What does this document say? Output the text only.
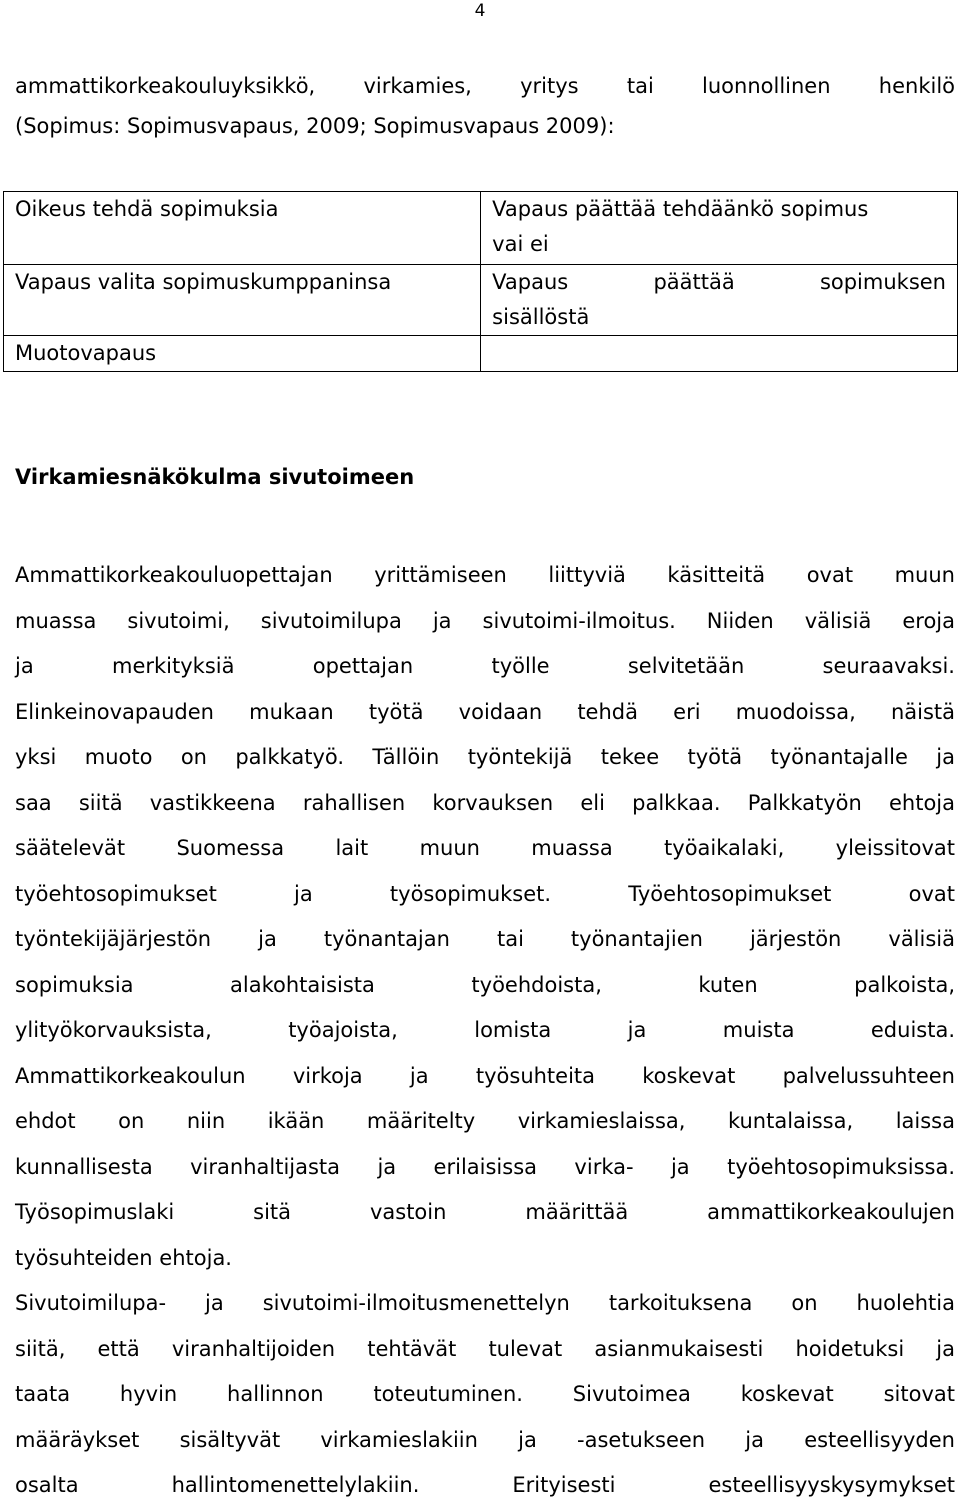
4

ammattikorkeakouluyksikkö, virkamies, yritys tai luonnollinen henkilö
(Sopimus: Sopimusvapaus, 2009; Sopimusvapaus 2009):

Oikeus tehdä sopimuksia	Vapaus päättää tehdäänkö sopimus
vai ei
Vapaus valita sopimuskumppaninsa	Vapaus päättää sopimuksen
sisällöstä
Muotovapaus	
Virkamiesnäkökulma sivutoimeen

Ammattikorkeakouluopettajan yrittämiseen liittyviä käsitteitä ovat muun
muassa sivutoimi, sivutoimilupa ja sivutoimi-ilmoitus. Niiden välisiä eroja
ja merkityksiä opettajan työlle selvitetään seuraavaksi.
Elinkeinovapauden mukaan työtä voidaan tehdä eri muodoissa, näistä
yksi muoto on palkkatyö. Tällöin työntekijä tekee työtä työnantajalle ja
saa siitä vastikkeena rahallisen korvauksen eli palkkaa. Palkkatyön ehtoja
säätelevät Suomessa lait muun muassa työaikalaki, yleissitovat
työehtosopimukset ja työsopimukset. Työehtosopimukset ovat
työntekijäjärjestön ja työnantajan tai työnantajien järjestön välisiä
sopimuksia alakohtaisista työehdoista, kuten palkoista,
ylityökorvauksista, työajoista, lomista ja muista eduista.
Ammattikorkeakoulun virkoja ja työsuhteita koskevat palvelussuhteen
ehdot on niin ikään määritelty virkamieslaissa, kuntalaissa, laissa
kunnallisesta viranhaltijasta ja erilaisissa virka- ja työehtosopimuksissa.
Työsopimuslaki sitä vastoin määrittää ammattikorkeakoulujen
työsuhteiden ehtoja.
Sivutoimilupa- ja sivutoimi-ilmoitusmenettelyn tarkoituksena on huolehtia
siitä, että viranhaltijoiden tehtävät tulevat asianmukaisesti hoidetuksi ja
taata hyvin hallinnon toteutuminen. Sivutoimea koskevat sitovat
määräykset sisältyvät virkamieslakiin ja -asetukseen ja esteellisyyden
osalta hallintomenettelylakiin. Erityisesti esteellisyyskysymykset
